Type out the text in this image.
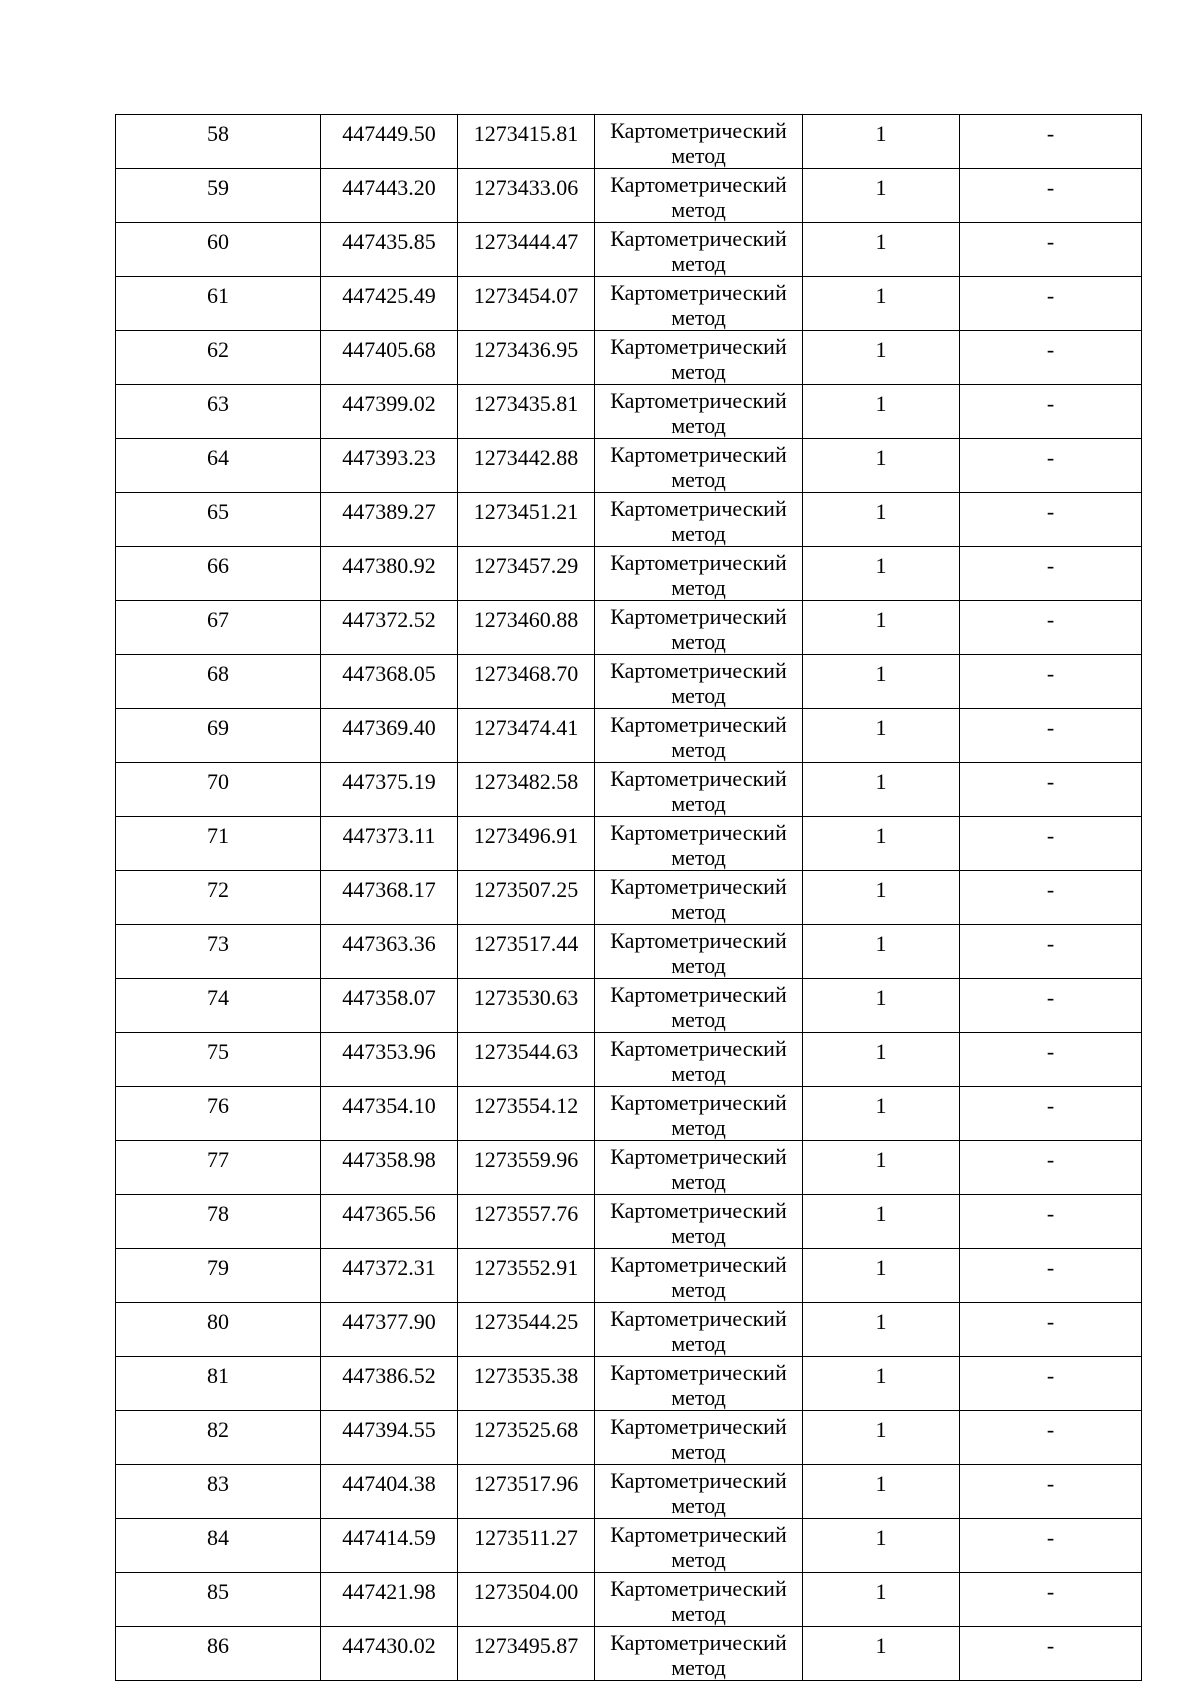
58	447449.50	1273415.81	Картометрический
метод	1	-

59	447443.20	1273433.06	Картометрический
метод	1	-

60	447435.85	1273444.47	Картометрический
метод	1	-

61	447425.49	1273454.07	Картометрический
метод	1	-

62	447405.68	1273436.95	Картометрический
метод	1	-

63	447399.02	1273435.81	Картометрический
метод	1	-

64	447393.23	1273442.88	Картометрический
метод	1	-

65	447389.27	1273451.21	Картометрический
метод	1	-

66	447380.92	1273457.29	Картометрический
метод	1	-

67	447372.52	1273460.88	Картометрический
метод	1	-

68	447368.05	1273468.70	Картометрический
метод	1	-

69	447369.40	1273474.41	Картометрический
метод	1	-

70	447375.19	1273482.58	Картометрический
метод	1	-

71	447373.11	1273496.91	Картометрический
метод	1	-

72	447368.17	1273507.25	Картометрический
метод	1	-

73	447363.36	1273517.44	Картометрический
метод	1	-

74	447358.07	1273530.63	Картометрический
метод	1	-

75	447353.96	1273544.63	Картометрический
метод	1	-

76	447354.10	1273554.12	Картометрический
метод	1	-

77	447358.98	1273559.96	Картометрический
метод	1	-

78	447365.56	1273557.76	Картометрический
метод	1	-

79	447372.31	1273552.91	Картометрический
метод	1	-

80	447377.90	1273544.25	Картометрический
метод	1	-

81	447386.52	1273535.38	Картометрический
метод	1	-

82	447394.55	1273525.68	Картометрический
метод	1	-

83	447404.38	1273517.96	Картометрический
метод	1	-

84	447414.59	1273511.27	Картометрический
метод	1	-

85	447421.98	1273504.00	Картометрический
метод	1	-

86	447430.02	1273495.87	Картометрический
метод	1	-
